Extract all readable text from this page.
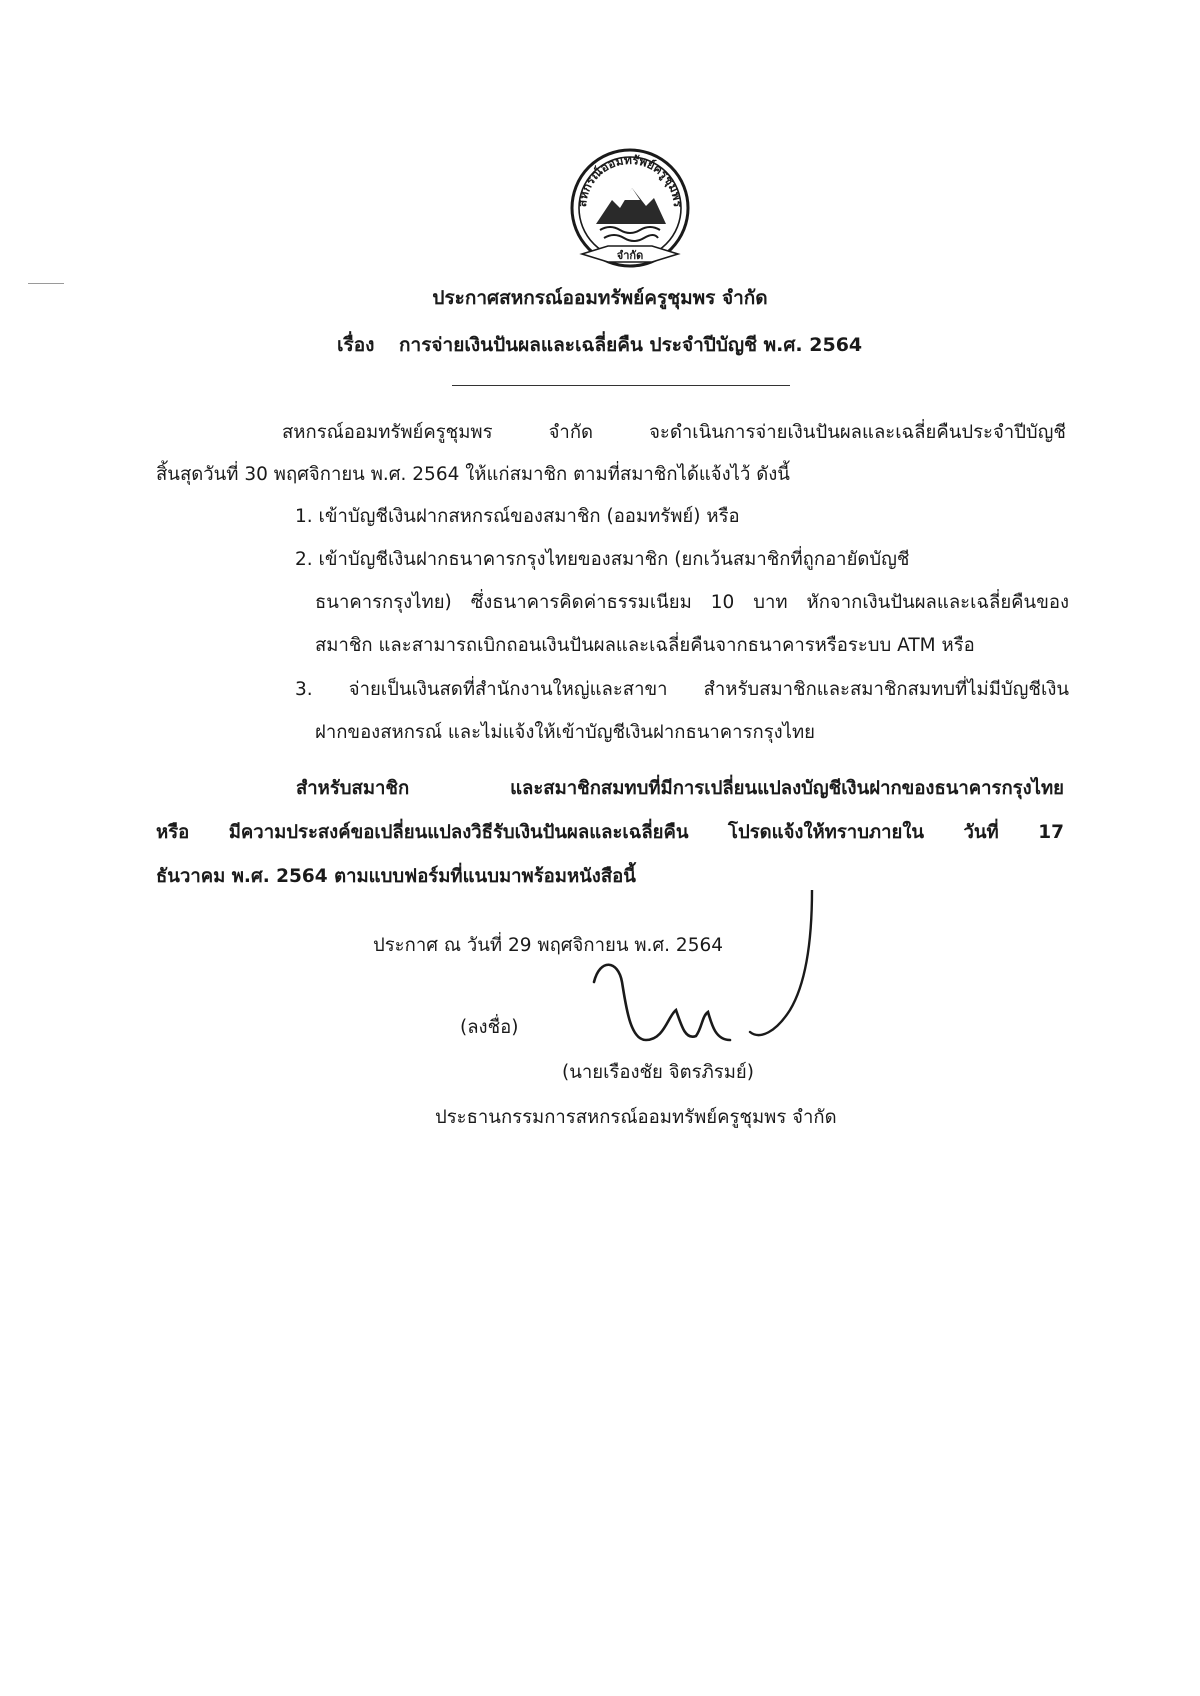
สหกรณ์ออมทรัพย์ครูชุมพร
จำกัด
ประกาศสหกรณ์ออมทรัพย์ครูชุมพร จำกัด
เรื่อง การจ่ายเงินปันผลและเฉลี่ยคืน ประจำปีบัญชี พ.ศ. 2564
สหกรณ์ออมทรัพย์ครูชุมพร จำกัด จะดำเนินการจ่ายเงินปันผลและเฉลี่ยคืนประจำปีบัญชี
สิ้นสุดวันที่ 30 พฤศจิกายน พ.ศ. 2564 ให้แก่สมาชิก ตามที่สมาชิกได้แจ้งไว้ ดังนี้
1. เข้าบัญชีเงินฝากสหกรณ์ของสมาชิก (ออมทรัพย์) หรือ
2. เข้าบัญชีเงินฝากธนาคารกรุงไทยของสมาชิก (ยกเว้นสมาชิกที่ถูกอายัดบัญชี
ธนาคารกรุงไทย) ซึ่งธนาคารคิดค่าธรรมเนียม 10 บาท หักจากเงินปันผลและเฉลี่ยคืนของ
สมาชิก และสามารถเบิกถอนเงินปันผลและเฉลี่ยคืนจากธนาคารหรือระบบ ATM หรือ
3. จ่ายเป็นเงินสดที่สำนักงานใหญ่และสาขา สำหรับสมาชิกและสมาชิกสมทบที่ไม่มีบัญชีเงิน
ฝากของสหกรณ์ และไม่แจ้งให้เข้าบัญชีเงินฝากธนาคารกรุงไทย
สำหรับสมาชิก และสมาชิกสมทบที่มีการเปลี่ยนแปลงบัญชีเงินฝากของธนาคารกรุงไทย
หรือ มีความประสงค์ขอเปลี่ยนแปลงวิธีรับเงินปันผลและเฉลี่ยคืน โปรดแจ้งให้ทราบภายใน วันที่ 17
ธันวาคม พ.ศ. 2564 ตามแบบฟอร์มที่แนบมาพร้อมหนังสือนี้
ประกาศ ณ วันที่ 29 พฤศจิกายน พ.ศ. 2564
(ลงชื่อ)
(นายเรืองชัย จิตรภิรมย์)
ประธานกรรมการสหกรณ์ออมทรัพย์ครูชุมพร จำกัด
